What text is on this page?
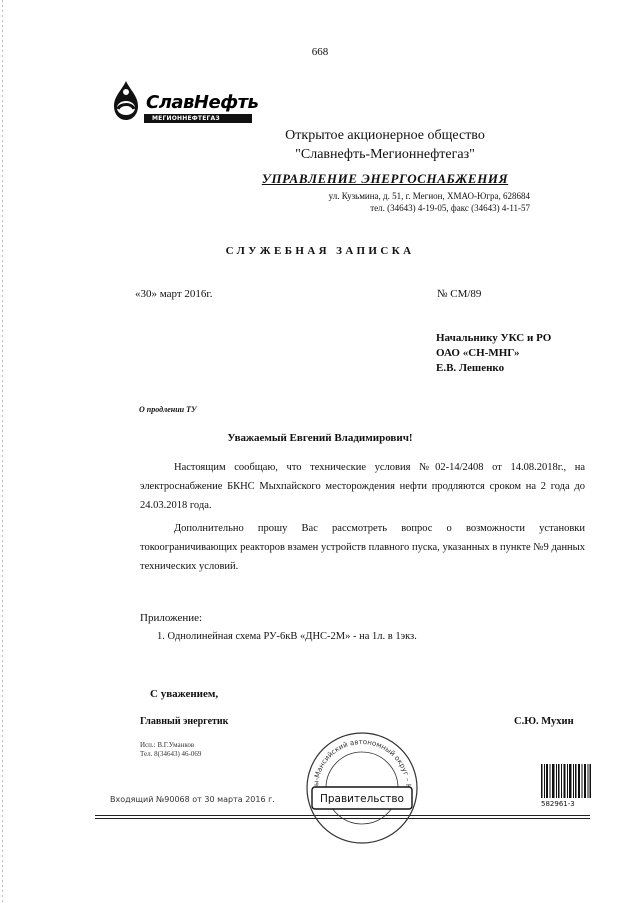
668
СлавНефть
МЕГИОННЕФТЕГАЗ
Открытое акционерное общество
"Славнефть-Мегионнефтегаз"
УПРАВЛЕНИЕ ЭНЕРГОСНАБЖЕНИЯ
ул. Кузьмина, д. 51, г. Мегион, ХМАО-Югра, 628684
тел. (34643) 4-19-05, факс (34643) 4-11-57
СЛУЖЕБНАЯ ЗАПИСКА
«30» март 2016г.	№ СМ/89
Начальнику УКС и РО
ОАО «СН-МНГ»
Е.В. Лешенко
О продлении ТУ
Уважаемый Евгений Владимирович!

Настоящим сообщаю, что технические условия №02-14/2408 от 14.08.2018г., на электроснабжение БКНС Мыхпайского месторождения нефти продляются сроком на 2 года до 24.03.2018 года.

Дополнительно прошу Вас рассмотреть вопрос о возможности установки токоограничивающих реакторов взамен устройств плавного пуска, указанных в пункте №9 данных технических условий.

Приложение:
1. Однолинейная схема РУ-6кВ «ДНС-2М» - на 1л. в 1экз.
С уважением,
Главный энергетик	С.Ю. Мухин
Исп.: В.Г.Уманков
Тел. 8(34643) 46-069
Входящий №90068 от 30 марта 2016 г.
ы-Мансийский автономный округ –
Правительство	582961-3
